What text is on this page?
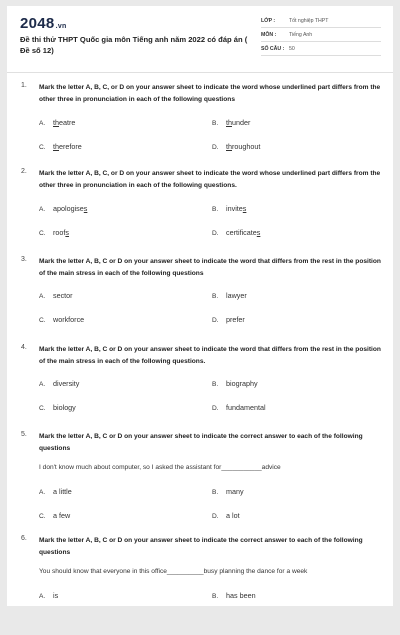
2048.vn
Đề thi thử THPT Quốc gia môn Tiếng anh năm 2022 có đáp án ( Đề số 12)
LỚP :	Tốt nghiệp THPT
MÔN :	Tiếng Anh
SỐ CÂU : 50
1. Mark the letter A, B, C, or D on your answer sheet to indicate the word whose underlined part differs from the other three in pronunciation in each of the following questions
A. theatre	B. thunder
C. therefore	D. throughout
2. Mark the letter A, B, C, or D on your answer sheet to indicate the word whose underlined part differs from the other three in pronunciation in each of the following questions.
A. apologises	B. invites
C. roofs	D. certificates
3. Mark the letter A, B, C or D on your answer sheet to indicate the word that differs from the rest in the position of the main stress in each of the following questions
A. sector	B. lawyer
C. workforce	D. prefer
4. Mark the letter A, B, C or D on your answer sheet to indicate the word that differs from the rest in the position of the main stress in each of the following questions.
A. diversity	B. biography
C. biology	D. fundamental
5. Mark the letter A, B, C or D on your answer sheet to indicate the correct answer to each of the following questions
I don't know much about computer, so I asked the assistant for___________advice
A. a little	B. many
C. a few	D. a lot
6. Mark the letter A, B, C or D on your answer sheet to indicate the correct answer to each of the following questions
You should know that everyone in this office__________busy planning the dance for a week
A. is	B. has been
